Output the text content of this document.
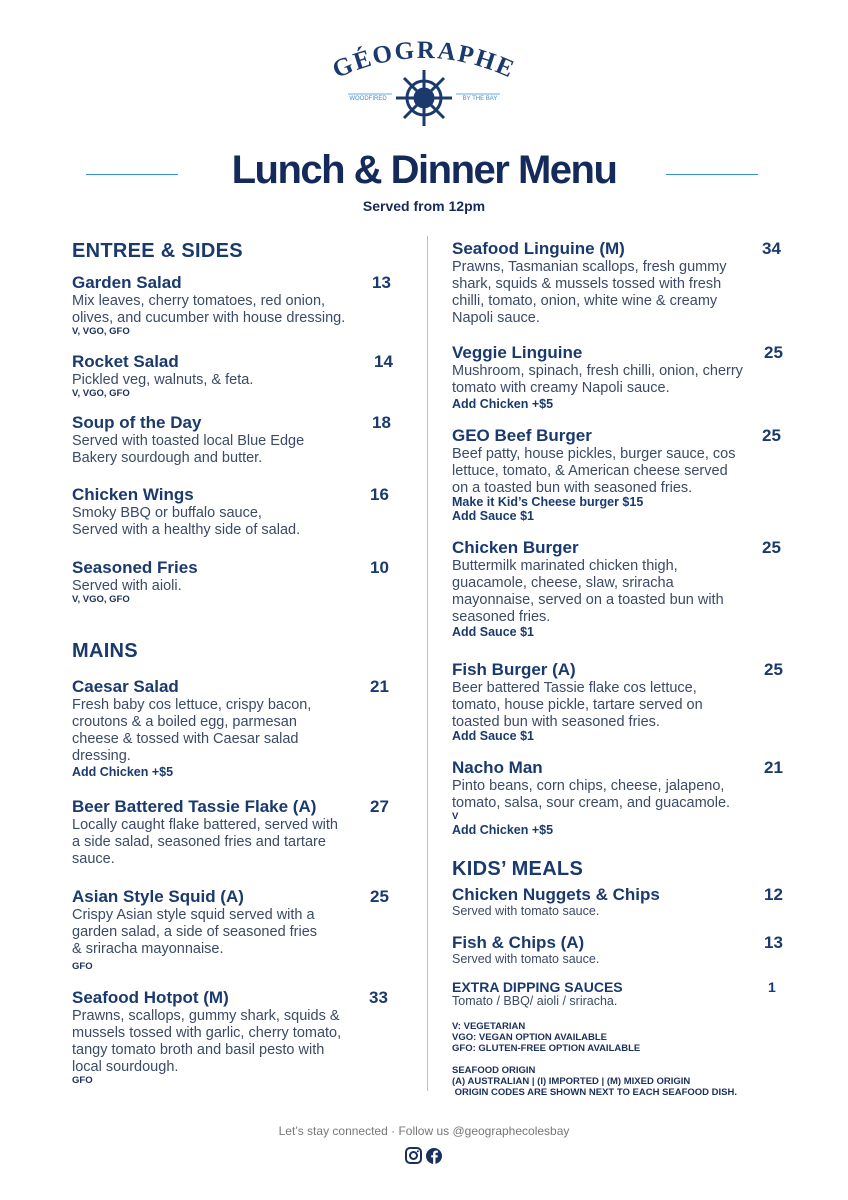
GÉOGRAPHE
WOODFIRED	BY THE BAY
Lunch & Dinner Menu
Served from 12pm
ENTREE & SIDES
Garden Salad	13
Mix leaves, cherry tomatoes, red onion,
olives, and cucumber with house dressing.
V, VGO, GFO
Rocket Salad	14
Pickled veg, walnuts, & feta.
V, VGO, GFO
Soup of the Day	18
Served with toasted local Blue Edge
Bakery sourdough and butter.
Chicken Wings	16
Smoky BBQ or buffalo sauce,
Served with a healthy side of salad.
Seasoned Fries	10
Served with aioli.
V, VGO, GFO
MAINS
Caesar Salad	21
Fresh baby cos lettuce, crispy bacon,
croutons & a boiled egg, parmesan
cheese & tossed with Caesar salad
dressing.
Add Chicken +$5
Beer Battered Tassie Flake (A)	27
Locally caught flake battered, served with
a side salad, seasoned fries and tartare
sauce.
Asian Style Squid (A)	25
Crispy Asian style squid served with a
garden salad, a side of seasoned fries
& sriracha mayonnaise.
GFO
Seafood Hotpot (M)	33
Prawns, scallops, gummy shark, squids &
mussels tossed with garlic, cherry tomato,
tangy tomato broth and basil pesto with
local sourdough.
GFO
Seafood Linguine (M)	34
Prawns, Tasmanian scallops, fresh gummy
shark, squids & mussels tossed with fresh
chilli, tomato, onion, white wine & creamy
Napoli sauce.
Veggie Linguine	25
Mushroom, spinach, fresh chilli, onion, cherry
tomato with creamy Napoli sauce.
Add Chicken +$5
GEO Beef Burger	25
Beef patty, house pickles, burger sauce, cos
lettuce, tomato, & American cheese served
on a toasted bun with seasoned fries.
Make it Kid’s Cheese burger $15
Add Sauce $1
Chicken Burger	25
Buttermilk marinated chicken thigh,
guacamole, cheese, slaw, sriracha
mayonnaise, served on a toasted bun with
seasoned fries.
Add Sauce $1
Fish Burger (A)	25
Beer battered Tassie flake cos lettuce,
tomato, house pickle, tartare served on
toasted bun with seasoned fries.
Add Sauce $1
Nacho Man	21
Pinto beans, corn chips, cheese, jalapeno,
tomato, salsa, sour cream, and guacamole.
V
Add Chicken +$5
KIDS’ MEALS
Chicken Nuggets & Chips	12
Served with tomato sauce.
Fish & Chips (A)	13
Served with tomato sauce.
EXTRA DIPPING SAUCES	1
Tomato / BBQ/ aioli / sriracha.
V: VEGETARIAN
VGO: VEGAN OPTION AVAILABLE
GFO: GLUTEN-FREE OPTION AVAILABLE
SEAFOOD ORIGIN
(A) AUSTRALIAN | (I) IMPORTED | (M) MIXED ORIGIN
ORIGIN CODES ARE SHOWN NEXT TO EACH SEAFOOD DISH.
Let’s stay connected · Follow us @geographecolesbay
